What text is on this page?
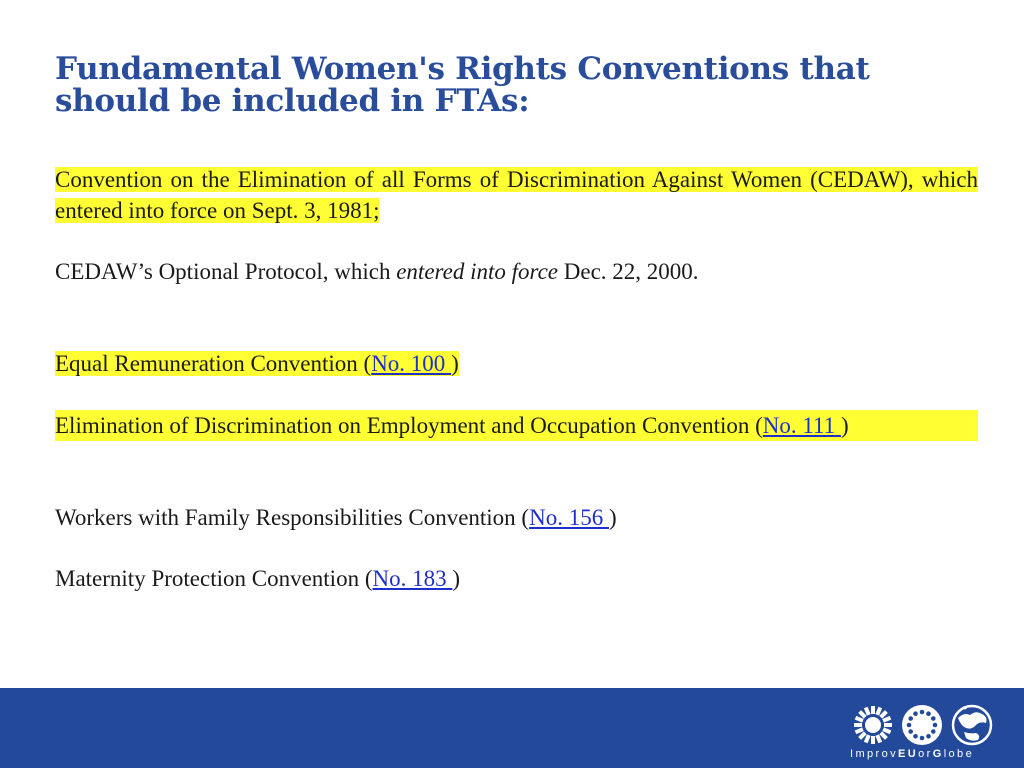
Fundamental Women's Rights Conventions that
should be included in FTAs:

Convention on the Elimination of all Forms of Discrimination Against Women (CEDAW), which entered into force on Sept. 3, 1981;

CEDAW’s Optional Protocol, which entered into force Dec. 22, 2000.

Equal Remuneration Convention (No. 100 )

Elimination of Discrimination on Employment and Occupation Convention (No. 111 )

Workers with Family Responsibilities Convention (No. 156 )

Maternity Protection Convention (No. 183 )

ImprovEUorGlobe
